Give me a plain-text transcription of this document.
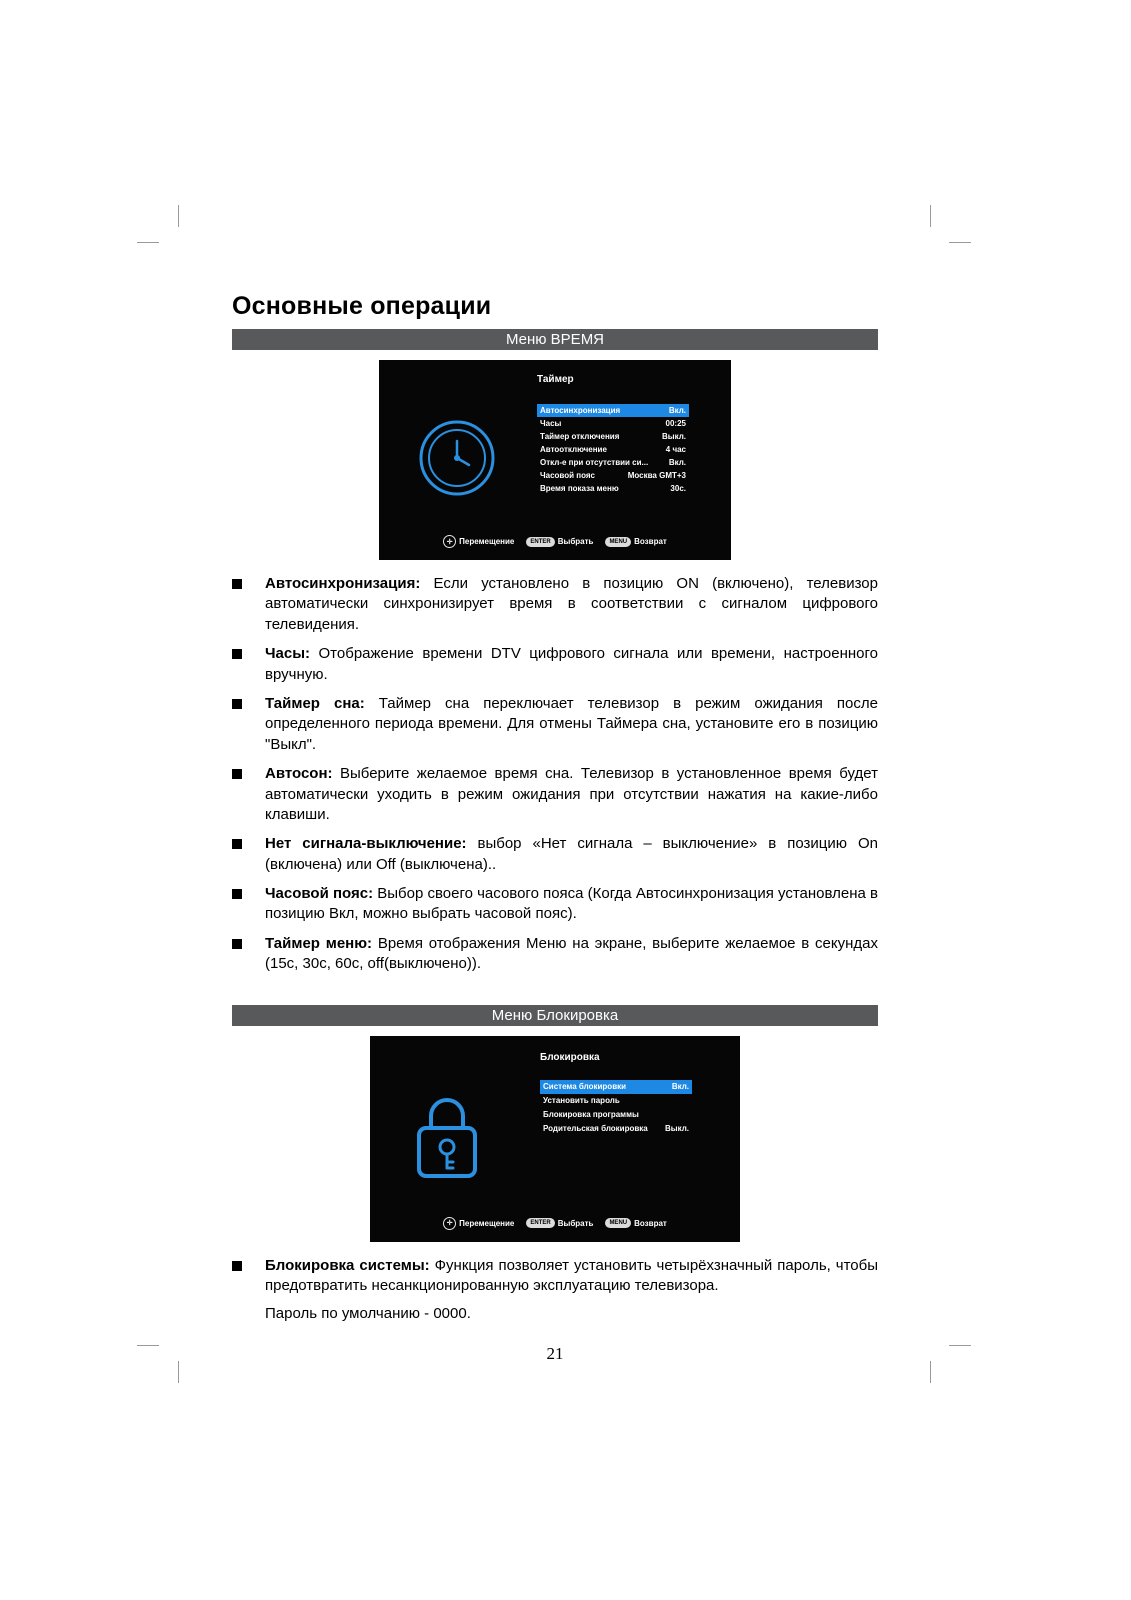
Основные операции
Меню ВРЕМЯ
Таймер
Автосинхронизация	Вкл.
Часы	00:25
Таймер отключения	Выкл.
Автоотключение	4 час
Откл-е при отсутствии си...	Вкл.
Часовой пояс	Москва GMT+3
Время показа меню	30с.
✛ Перемещение	ENTER Выбрать	MENU Возврат
Автосинхронизация: Если установлено в позицию ON (включено), телевизор автоматически синхронизирует время в соответствии с сигналом цифрового телевидения.
Часы: Отображение времени DTV цифрового сигнала или времени, настроенного вручную.
Таймер сна: Таймер сна переключает телевизор в режим ожидания после определенного периода времени. Для отмены Таймера сна, установите его в позицию "Выкл".
Автосон: Выберите желаемое время сна. Телевизор в установленное время будет автоматически уходить в режим ожидания при отсутствии нажатия на какие-либо клавиши.
Нет сигнала-выключение: выбор «Нет сигнала – выключение» в позицию On (включена) или Off (выключена)..
Часовой пояс: Выбор своего часового пояса (Когда Автосинхронизация установлена в позицию Вкл, можно выбрать часовой пояс).
Таймер меню: Время отображения Меню на экране, выберите желаемое в секундах (15с, 30с, 60с, off(выключено)).
Меню Блокировка
Блокировка
Система блокировки	Вкл.
Установить пароль
Блокировка программы
Родительская блокировка Выкл.
✛ Перемещение	ENTER Выбрать	MENU Возврат
Блокировка системы: Функция позволяет установить четырёхзначный пароль, чтобы предотвратить несанкционированную эксплуатацию телевизора.
Пароль по умолчанию - 0000.
21
